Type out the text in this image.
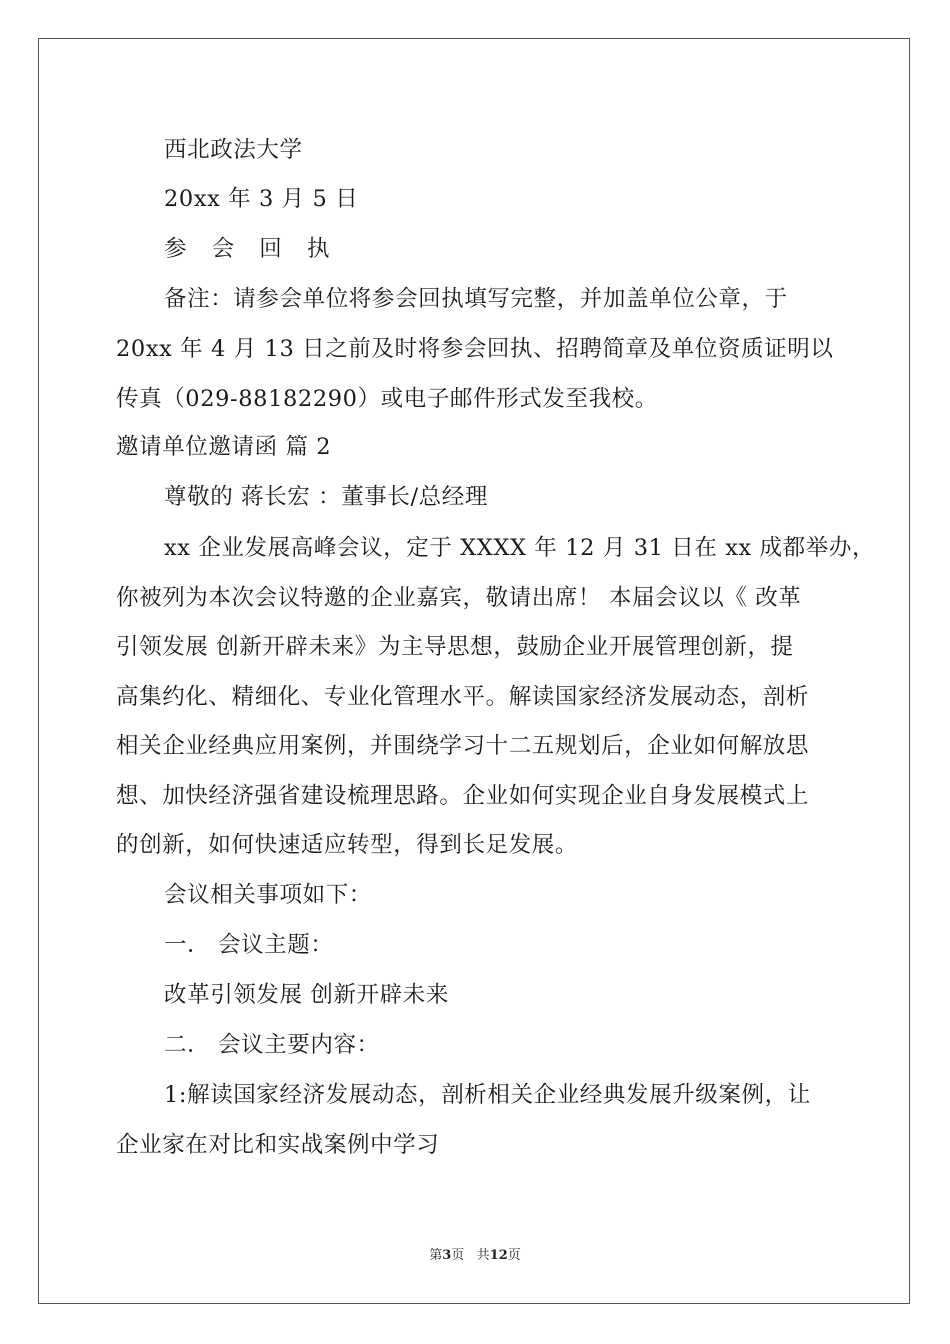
西北政法大学
20xx 年 3 月 5 日
参 会 回 执
备注：请参会单位将参会回执填写完整，并加盖单位公章，于
20xx 年 4 月 13 日之前及时将参会回执、招聘简章及单位资质证明以
传真（029-88182290）或电子邮件形式发至我校。
邀请单位邀请函 篇 2
尊敬的 蒋长宏 ：董事长/总经理
xx 企业发展高峰会议，定于 XXXX 年 12 月 31 日在 xx 成都举办，
你被列为本次会议特邀的企业嘉宾，敬请出席！ 本届会议以《 改革
引领发展 创新开辟未来》为主导思想，鼓励企业开展管理创新，提
高集约化、精细化、专业化管理水平。解读国家经济发展动态，剖析
相关企业经典应用案例，并围绕学习十二五规划后，企业如何解放思
想、加快经济强省建设梳理思路。企业如何实现企业自身发展模式上
的创新，如何快速适应转型，得到长足发展。
会议相关事项如下：
一． 会议主题：
改革引领发展 创新开辟未来
二． 会议主要内容：
1:解读国家经济发展动态，剖析相关企业经典发展升级案例，让
企业家在对比和实战案例中学习
第3页 共12页
